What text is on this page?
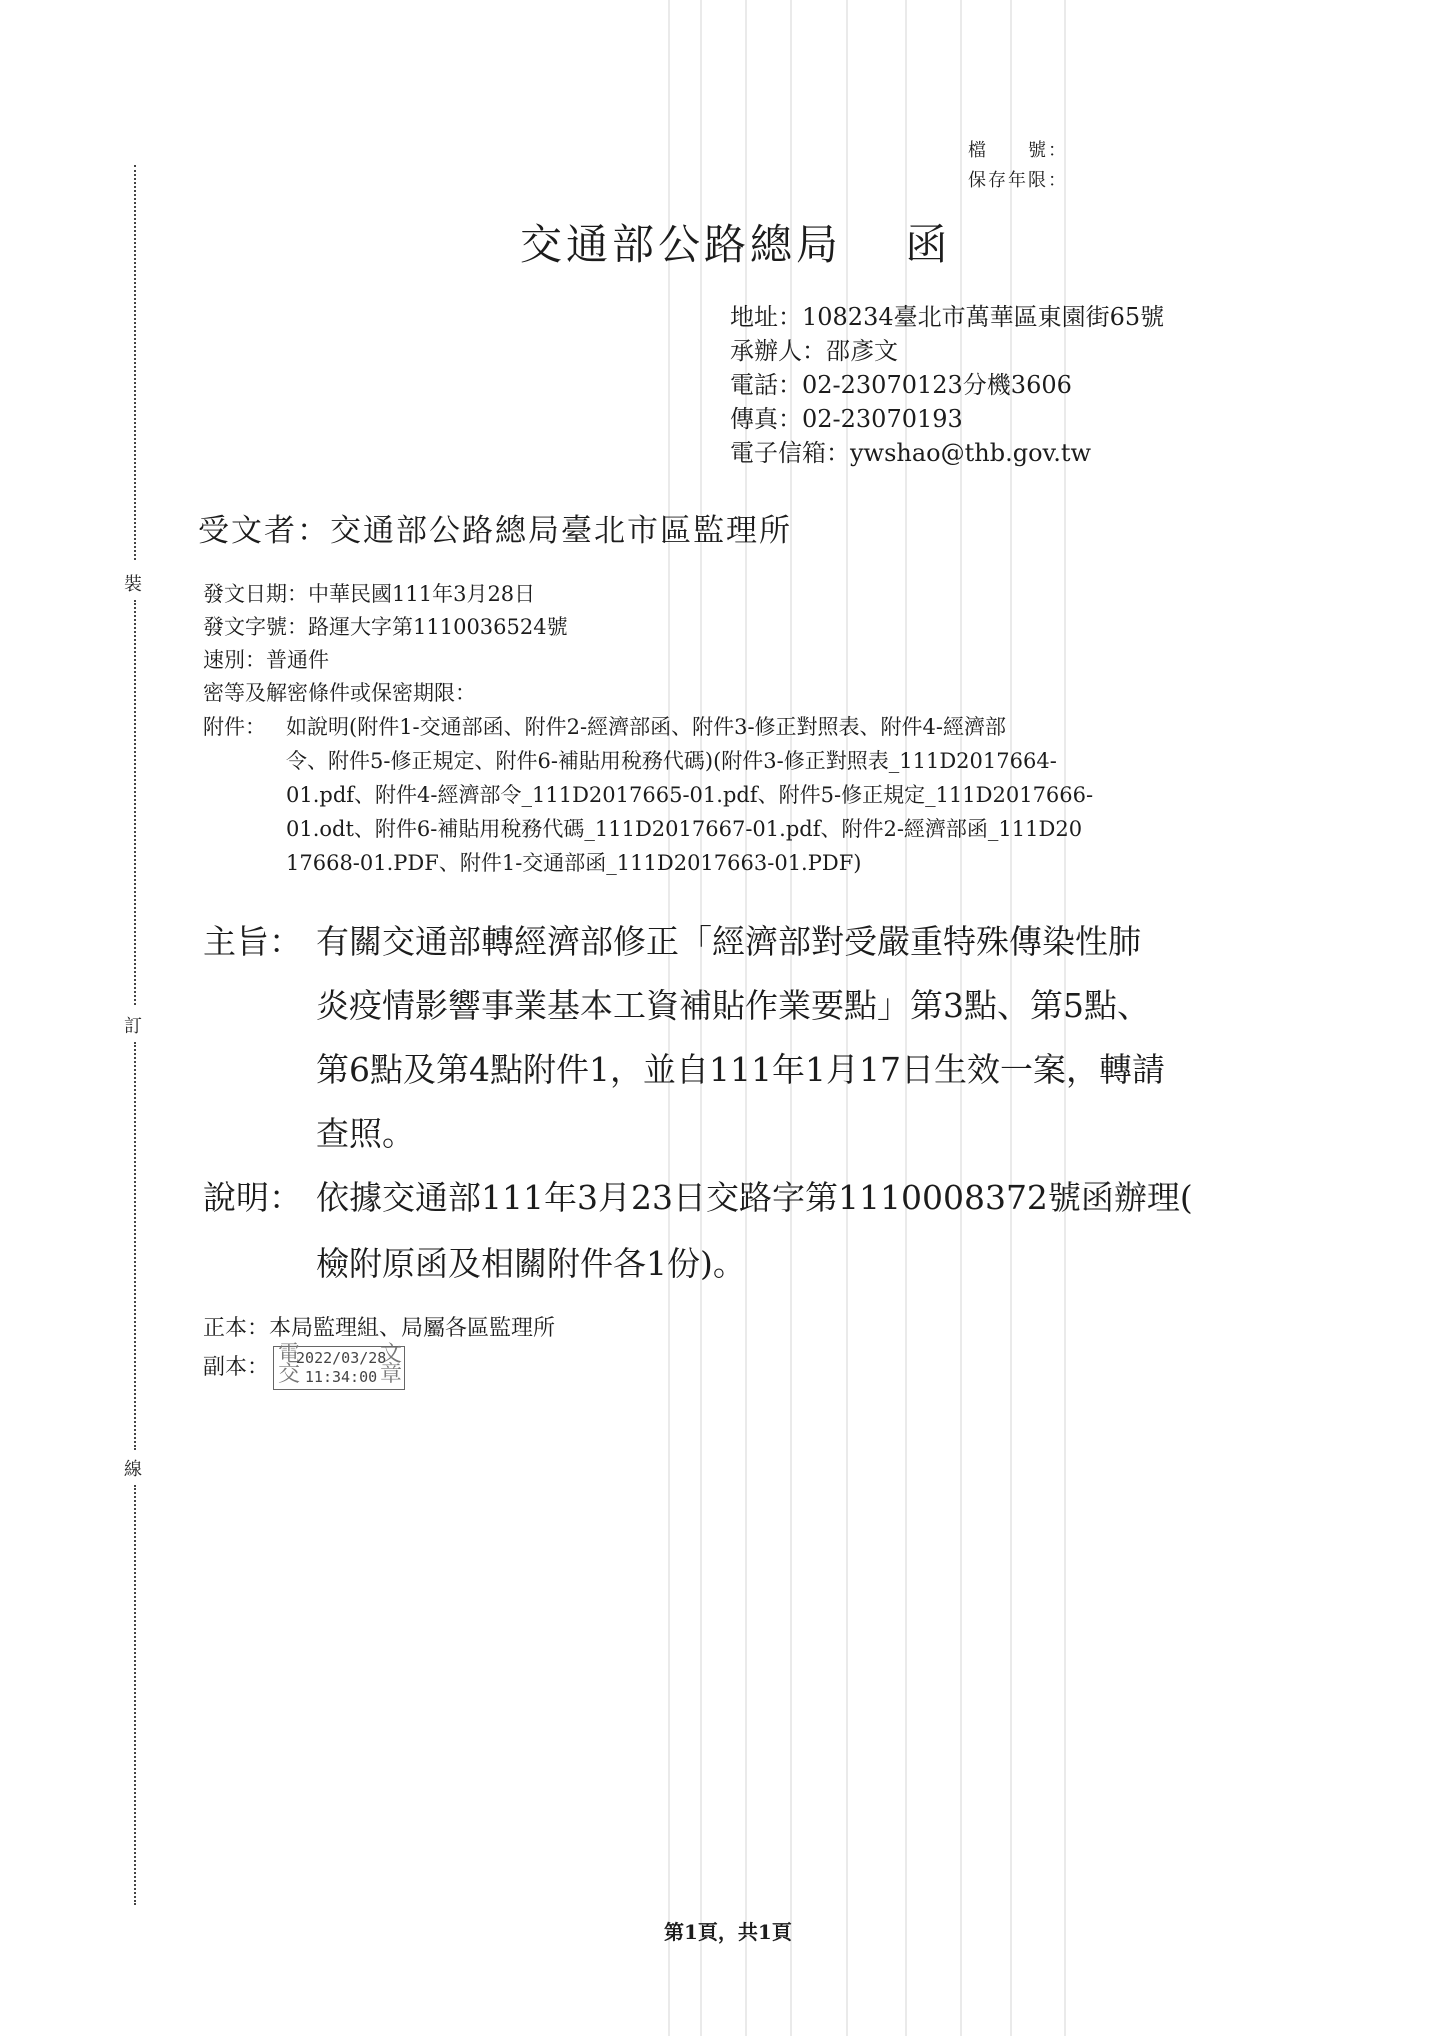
裝
訂
線
檔　　號：
保存年限：
交通部公路總局　 函
地址：108234臺北市萬華區東園街65號
承辦人：邵彥文
電話：02-23070123分機3606
傳真：02-23070193
電子信箱：ywshao@thb.gov.tw
受文者：交通部公路總局臺北市區監理所
發文日期：中華民國111年3月28日
發文字號：路運大字第1110036524號
速別：普通件
密等及解密條件或保密期限：
附件： 如說明(附件1-交通部函、附件2-經濟部函、附件3-修正對照表、附件4-經濟部
令、附件5-修正規定、附件6-補貼用稅務代碼)(附件3-修正對照表_111D2017664-
01.pdf、附件4-經濟部令_111D2017665-01.pdf、附件5-修正規定_111D2017666-
01.odt、附件6-補貼用稅務代碼_111D2017667-01.pdf、附件2-經濟部函_111D20
17668-01.PDF、附件1-交通部函_111D2017663-01.PDF)
主旨： 有關交通部轉經濟部修正「經濟部對受嚴重特殊傳染性肺
炎疫情影響事業基本工資補貼作業要點」第3點、第5點、
第6點及第4點附件1，並自111年1月17日生效一案，轉請
查照。
說明： 依據交通部111年3月23日交路字第1110008372號函辦理(
檢附原函及相關附件各1份)。
正本：本局監理組、局屬各區監理所
副本：
電
交
文
章
2022/03/28
11:34:00
第1頁，共1頁
